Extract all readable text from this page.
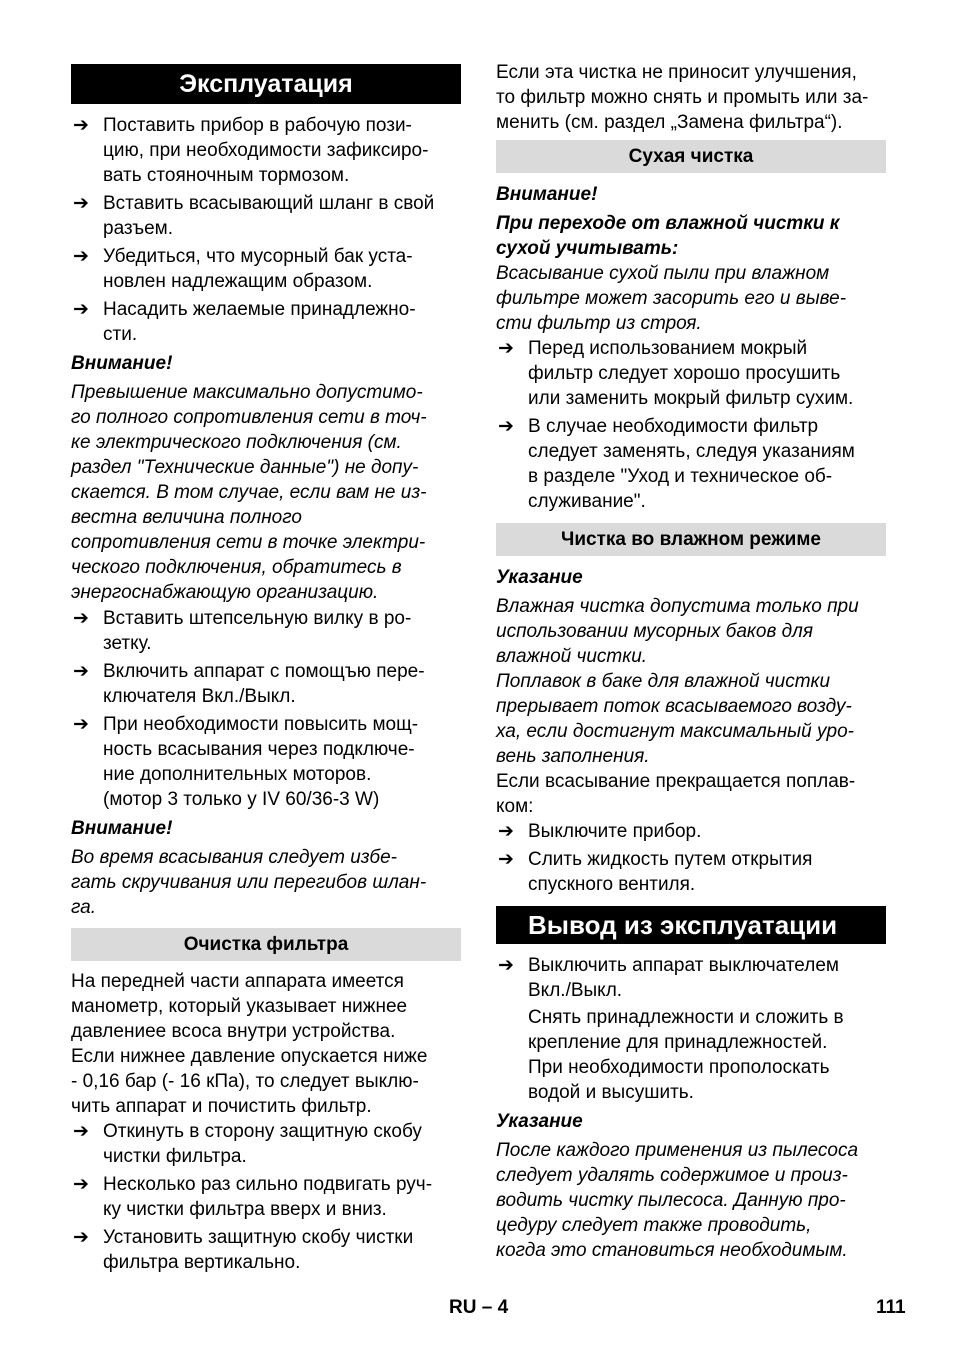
Эксплуатация
➔ Поставить прибор в рабочую пози-
цию, при необходимости зафиксиро-
вать стояночным тормозом.
➔ Вставить всасывающий шланг в свой
разъем.
➔ Убедиться, что мусорный бак уста-
новлен надлежащим образом.
➔ Насадить желаемые принадлежно-
сти.
Внимание!
Превышение максимально допустимо-
го полного сопротивления сети в точ-
ке электрического подключения (см.
раздел "Технические данные") не допу-
скается. В том случае, если вам не из-
вестна величина полного
сопротивления сети в точке электри-
ческого подключения, обратитесь в
энергоснабжающую организацию.
➔ Вставить штепсельную вилку в ро-
зетку.
➔ Включить аппарат с помощъю пере-
ключателя Вкл./Выкл.
➔ При необходимости повысить мощ-
ность всасывания через подключе-
ние дополнительных моторов.
(мотор 3 только у IV 60/36-3 W)
Внимание!
Во время всасывания следует избе-
гать скручивания или перегибов шлан-
га.
Очистка фильтра
На передней части аппарата имеется
манометр, который указывает нижнее
давлениее всоса внутри устройства.
Если нижнее давление опускается ниже
- 0,16 бар (- 16 кПа), то следует выклю-
чить аппарат и почистить фильтр.
➔ Откинуть в сторону защитную скобу
чистки фильтра.
➔ Несколько раз сильно подвигать руч-
ку чистки фильтра вверх и вниз.
➔ Установить защитную скобу чистки
фильтра вертикально.
Если эта чистка не приносит улучшения,
то фильтр можно снять и промыть или за-
менить (см. раздел „Замена фильтра“).
Сухая чистка
Внимание!
При переходе от влажной чистки к
сухой учитывать:
Всасывание сухой пыли при влажном
фильтре может засорить его и выве-
сти фильтр из строя.
➔ Перед использованием мокрый
фильтр следует хорошо просушить
или заменить мокрый фильтр сухим.
➔ В случае необходимости фильтр
следует заменять, следуя указаниям
в разделе "Уход и техническое об-
служивание".
Чистка во влажном режиме
Указание
Влажная чистка допустима только при
использовании мусорных баков для
влажной чистки.
Поплавок в баке для влажной чистки
прерывает поток всасываемого возду-
ха, если достигнут максимальный уро-
вень заполнения.
Если всасывание прекращается поплав-
ком:
➔ Выключите прибор.
➔ Слить жидкость путем открытия
спускного вентиля.
Вывод из эксплуатации
➔ Выключить аппарат выключателем
Вкл./Выкл.
Снять принадлежности и сложить в
крепление для принадлежностей.
При необходимости прополоскать
водой и высушить.
Указание
После каждого применения из пылесоса
следует удалять содержимое и произ-
водить чистку пылесоса. Данную про-
цедуру следует также проводить,
когда это становиться необходимым.
RU – 4	111
